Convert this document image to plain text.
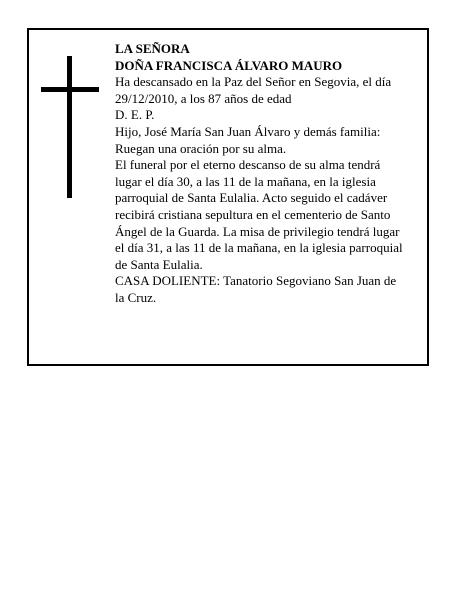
LA SEÑORA
DOÑA FRANCISCA ÁLVARO MAURO
Ha descansado en la Paz del Señor en Segovia, el día
29/12/2010, a los 87 años de edad
D. E. P.
Hijo, José María San Juan Álvaro y demás familia:
Ruegan una oración por su alma.
El funeral por el eterno descanso de su alma tendrá
lugar el día 30, a las 11 de la mañana, en la iglesia
parroquial de Santa Eulalia. Acto seguido el cadáver
recibirá cristiana sepultura en el cementerio de Santo
Ángel de la Guarda. La misa de privilegio tendrá lugar
el día 31, a las 11 de la mañana, en la iglesia parroquial
de Santa Eulalia.
CASA DOLIENTE: Tanatorio Segoviano San Juan de
la Cruz.
